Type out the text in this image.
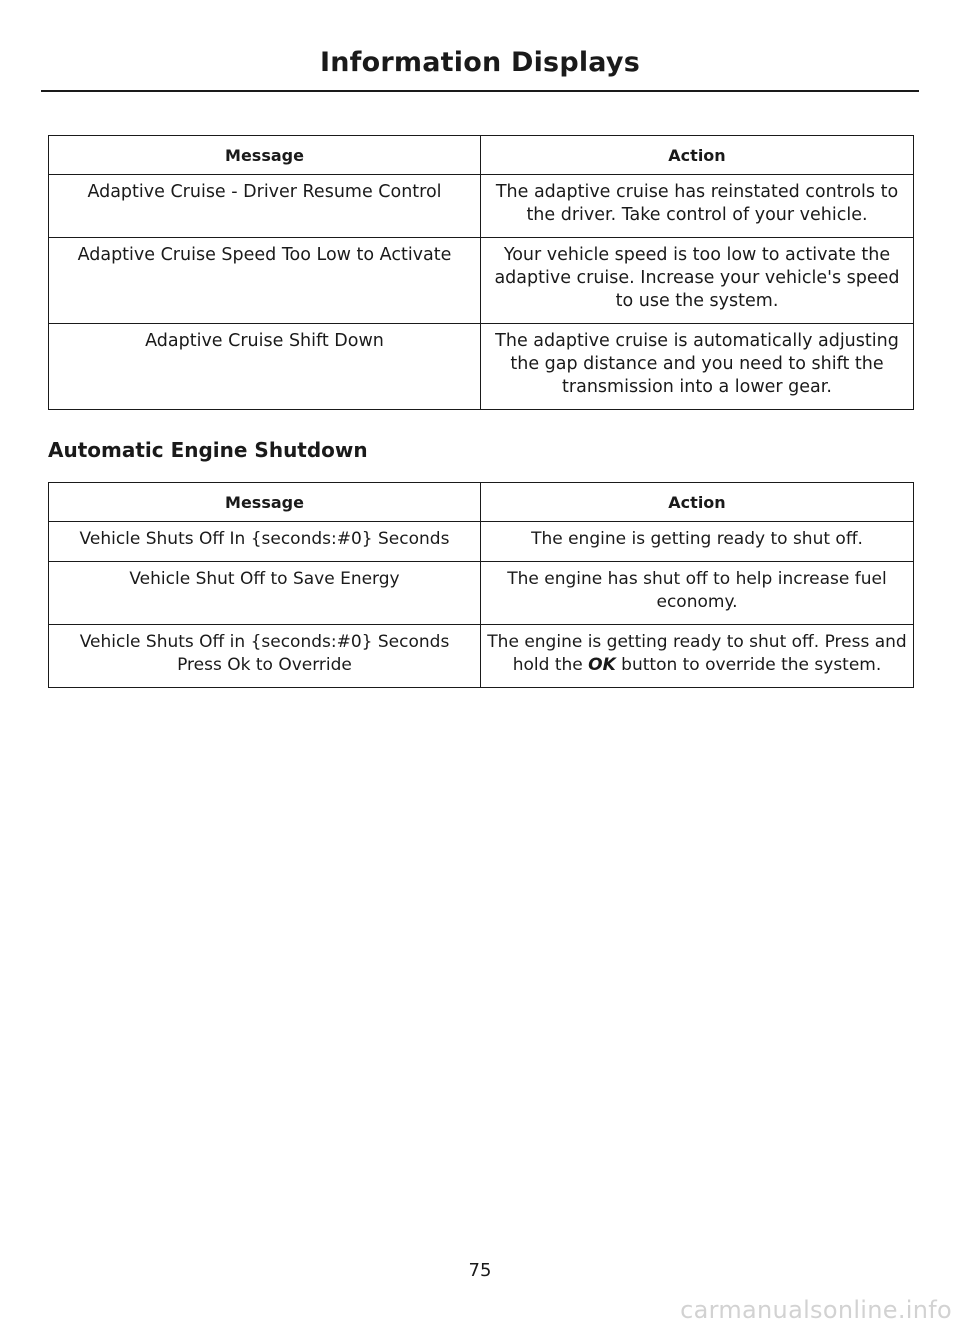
Information Displays
Message	Action
Adaptive Cruise - Driver Resume Control	The adaptive cruise has reinstated controls to the driver. Take control of your vehicle.
Adaptive Cruise Speed Too Low to Activate	Your vehicle speed is too low to activate the adaptive cruise. Increase your vehicle's speed to use the system.
Adaptive Cruise Shift Down	The adaptive cruise is automatically adjusting the gap distance and you need to shift the transmission into a lower gear.
Automatic Engine Shutdown
Message	Action
Vehicle Shuts Off In {seconds:#0} Seconds	The engine is getting ready to shut off.
Vehicle Shut Off to Save Energy	The engine has shut off to help increase fuel economy.
Vehicle Shuts Off in {seconds:#0} Seconds Press Ok to Override	The engine is getting ready to shut off. Press and hold the OK button to override the system.
75
carmanualsonline.info
